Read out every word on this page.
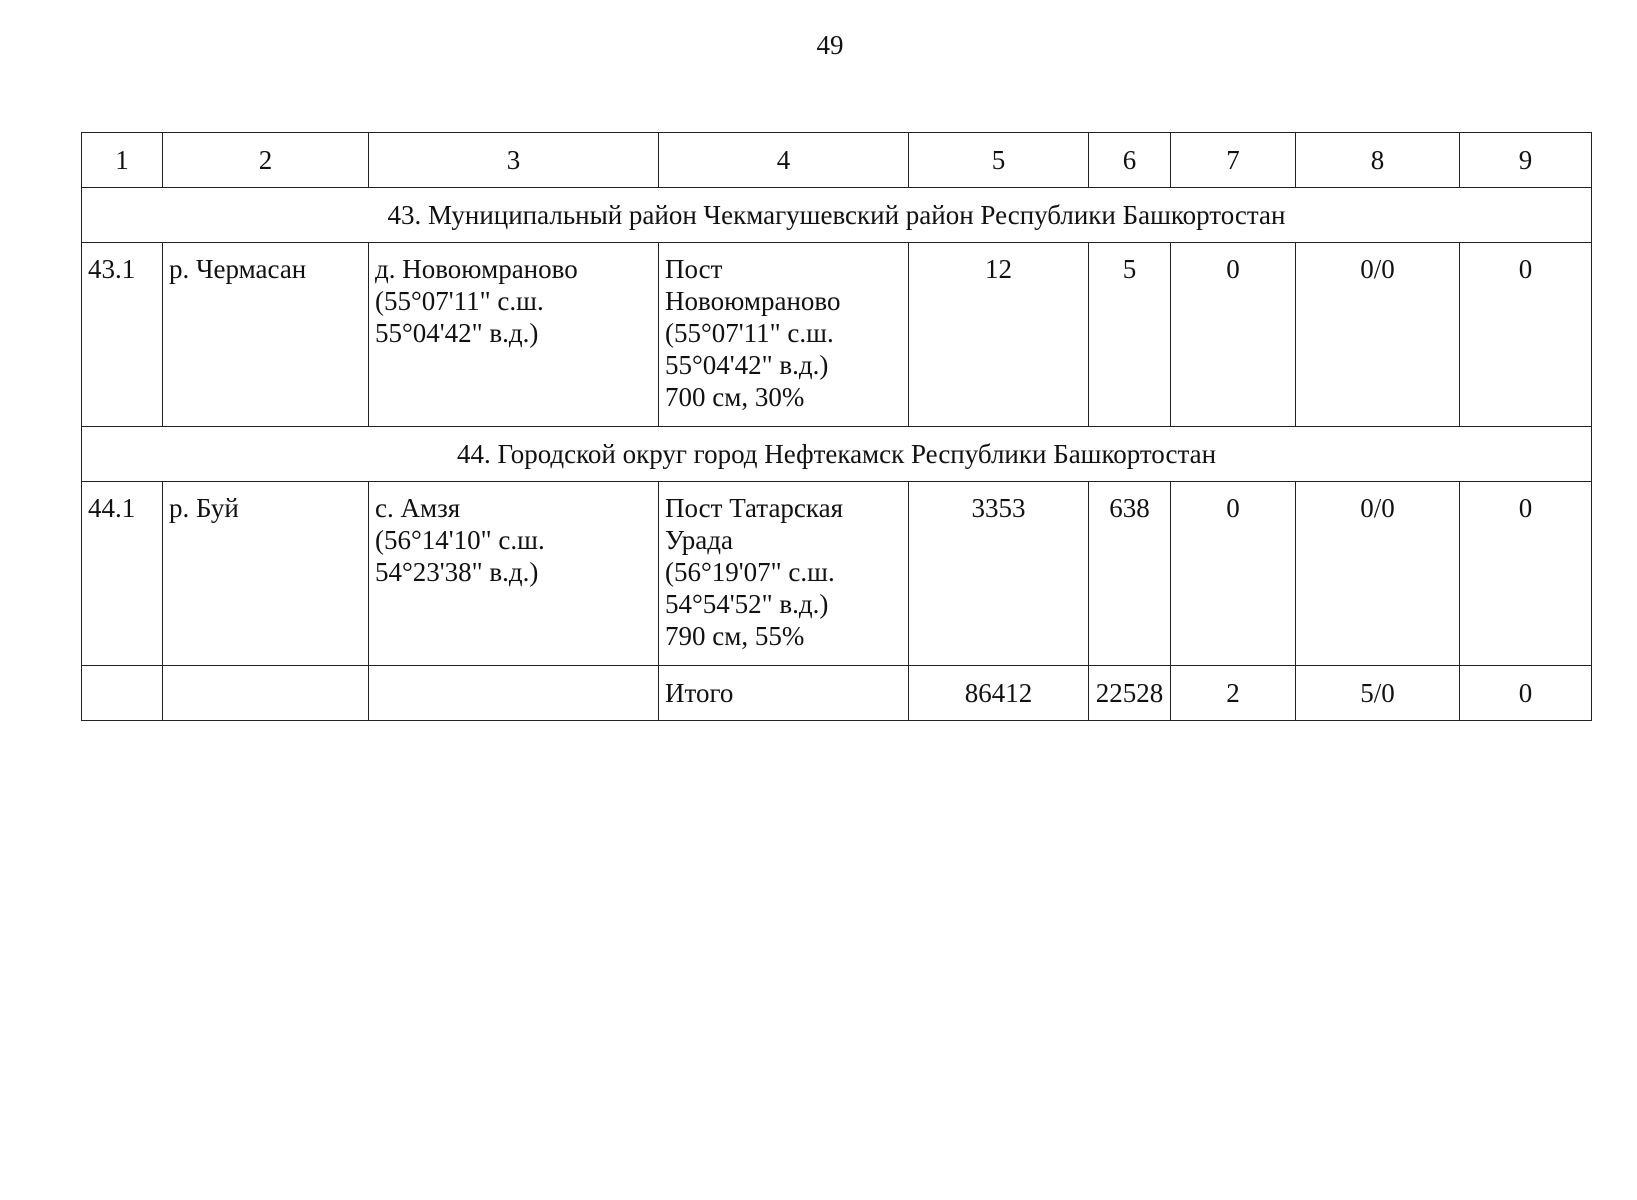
49
1	2	3	4	5	6	7	8	9
43. Муниципальный район Чекмагушевский район Республики Башкортостан								
43.1	р. Чермасан	д. Новоюмраново
(55°07'11" с.ш.
55°04'42" в.д.)	Пост
Новоюмраново
(55°07'11" с.ш.
55°04'42" в.д.)
700 см, 30%	12	5	0	0/0	0
44. Городской округ город Нефтекамск Республики Башкортостан								
44.1	р. Буй	с. Амзя
(56°14'10" с.ш.
54°23'38" в.д.)	Пост Татарская
Урада
(56°19'07" с.ш.
54°54'52" в.д.)
790 см, 55%	3353	638	0	0/0	0
			Итого	86412	22528	2	5/0	0
